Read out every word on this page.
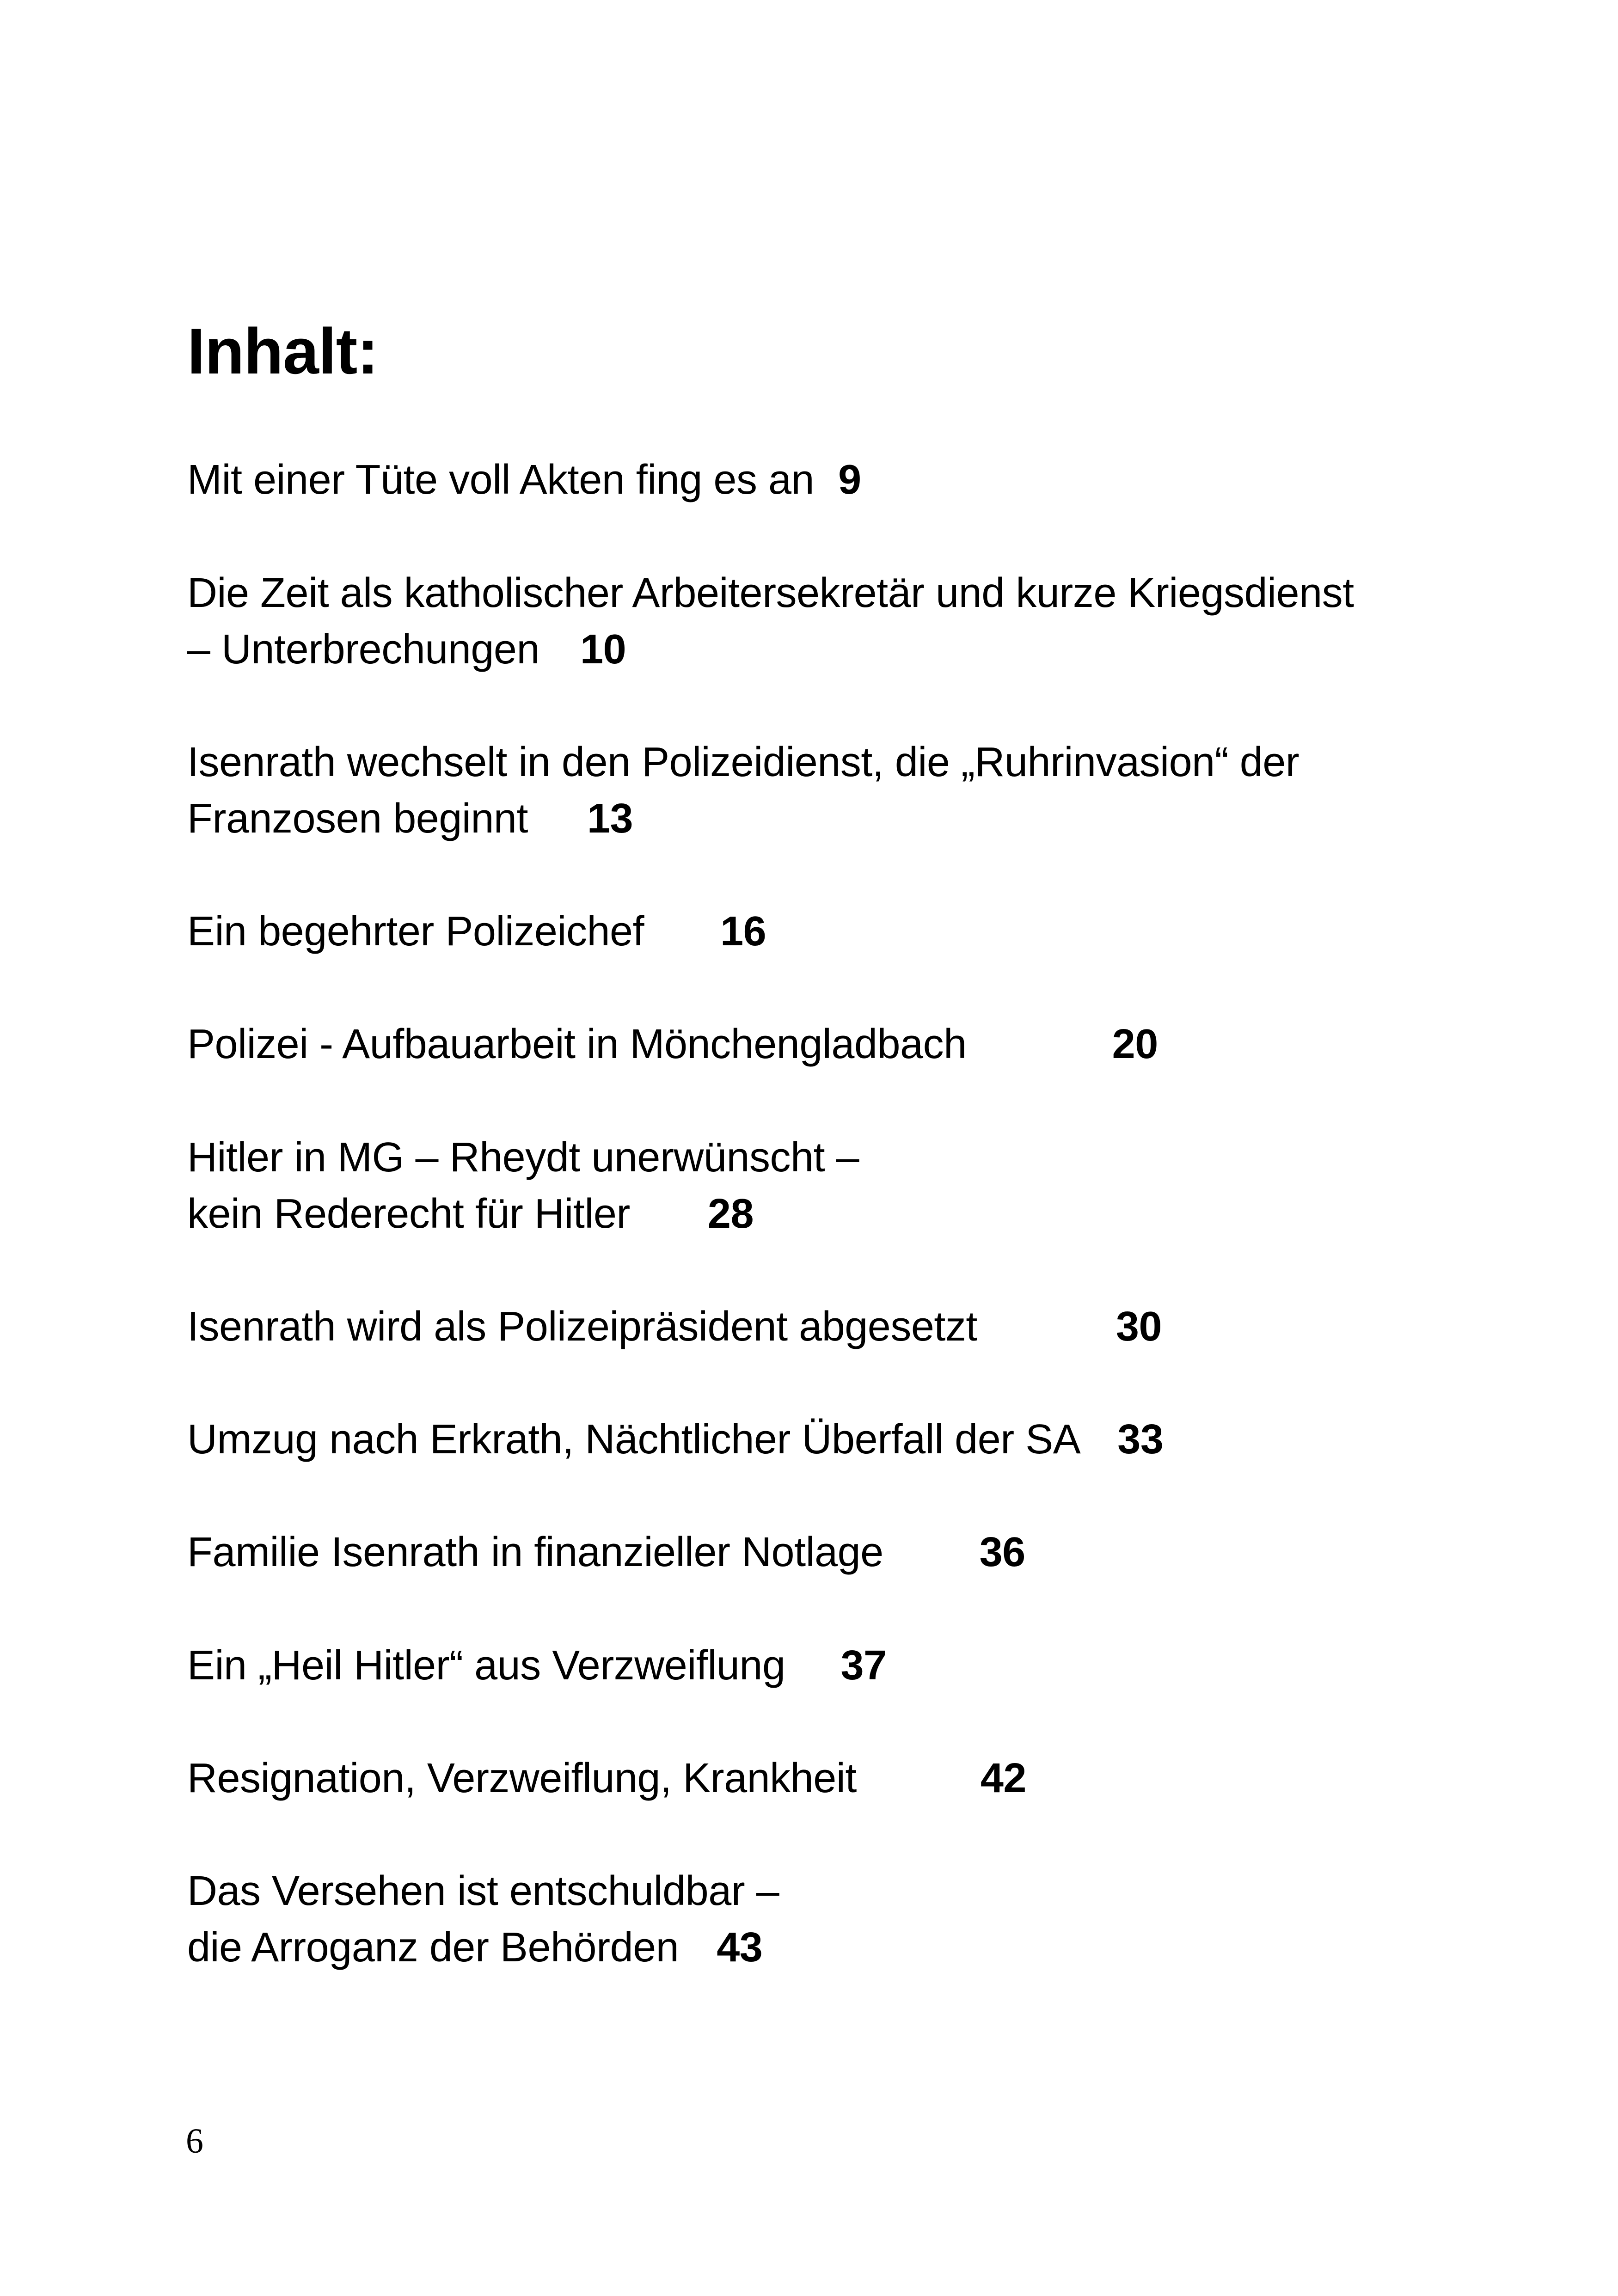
Inhalt:
Mit einer Tüte voll Akten fing es an 9
Die Zeit als katholischer Arbeitersekretär und kurze Kriegsdienst
– Unterbrechungen 10
Isenrath wechselt in den Polizeidienst, die „Ruhrinvasion“ der
Franzosen beginnt 13
Ein begehrter Polizeichef 16
Polizei - Aufbauarbeit in Mönchengladbach	20
Hitler in MG – Rheydt unerwünscht –
kein Rederecht für Hitler 28
Isenrath wird als Polizeipräsident abgesetzt	30
Umzug nach Erkrath, Nächtlicher Überfall der SA 33
Familie Isenrath in finanzieller Notlage 36
Ein „Heil Hitler“ aus Verzweiflung 37
Resignation, Verzweiflung, Krankheit	42
Das Versehen ist entschuldbar –
die Arroganz der Behörden 43
6
